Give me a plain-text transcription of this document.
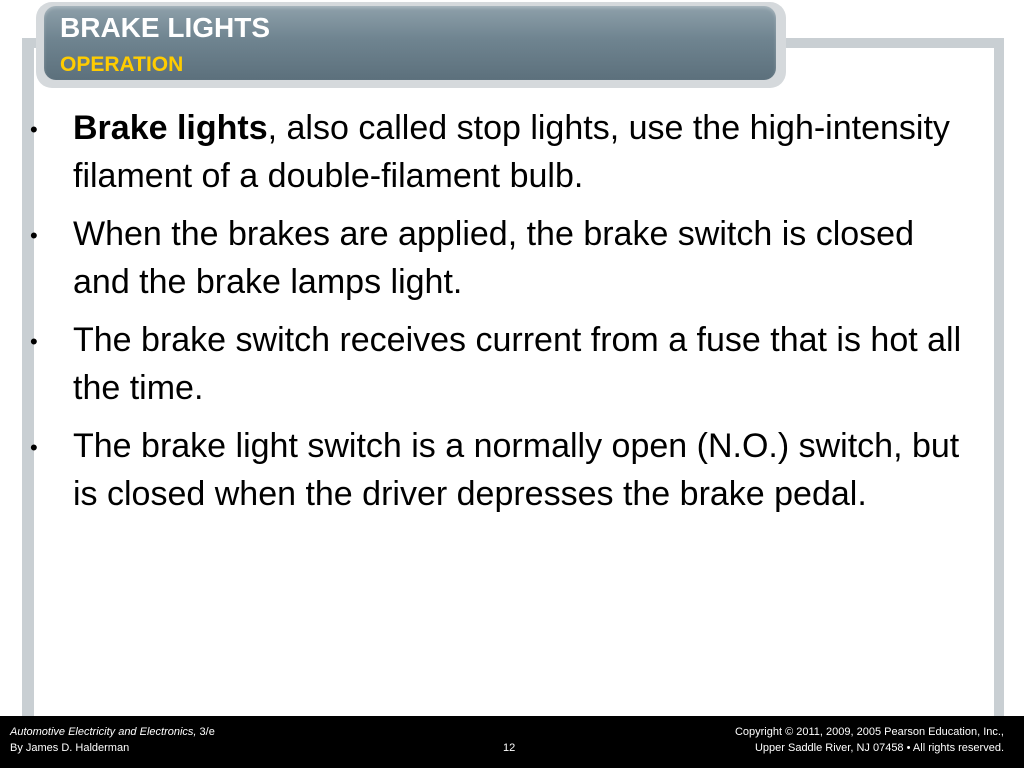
BRAKE LIGHTS
OPERATION
• Brake lights, also called stop lights, use the high-intensity filament of a double-filament bulb.
• When the brakes are applied, the brake switch is closed and the brake lamps light.
• The brake switch receives current from a fuse that is hot all the time.
• The brake light switch is a normally open (N.O.) switch, but is closed when the driver depresses the brake pedal.
Automotive Electricity and Electronics, 3/e
By James D. Halderman	12
Copyright © 2011, 2009, 2005 Pearson Education, Inc.,
Upper Saddle River, NJ 07458 • All rights reserved.
